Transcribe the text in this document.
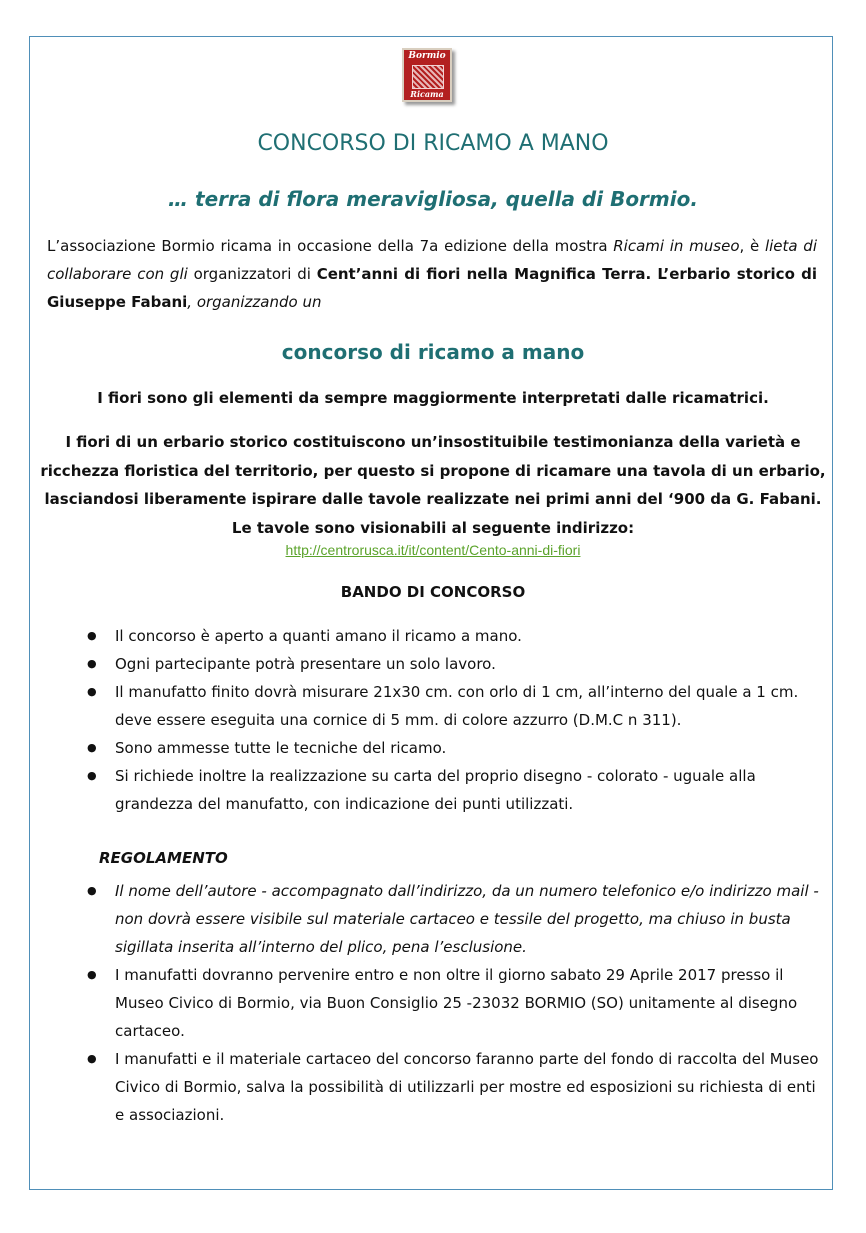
Bormio
Ricama
CONCORSO DI RICAMO A MANO
… terra di flora meravigliosa, quella di Bormio.
L’associazione Bormio ricama in occasione della 7a edizione della mostra Ricami in museo, è lieta di collaborare con gli organizzatori di Cent’anni di fiori nella Magnifica Terra. L’erbario storico di Giuseppe Fabani, organizzando un
concorso di ricamo a mano
I fiori sono gli elementi da sempre maggiormente interpretati dalle ricamatrici.
I fiori di un erbario storico costituiscono un’insostituibile testimonianza della varietà e ricchezza floristica del territorio, per questo si propone di ricamare una tavola di un erbario, lasciandosi liberamente ispirare dalle tavole realizzate nei primi anni del ‘900 da G. Fabani. Le tavole sono visionabili al seguente indirizzo:
http://centrorusca.it/it/content/Cento-anni-di-fiori
BANDO DI CONCORSO
● Il concorso è aperto a quanti amano il ricamo a mano.
● Ogni partecipante potrà presentare un solo lavoro.
● Il manufatto finito dovrà misurare 21x30 cm. con orlo di 1 cm, all’interno del quale a 1 cm. deve essere eseguita una cornice di 5 mm. di colore azzurro (D.M.C n 311).
● Sono ammesse tutte le tecniche del ricamo.
● Si richiede inoltre la realizzazione su carta del proprio disegno - colorato - uguale alla grandezza del manufatto, con indicazione dei punti utilizzati.
REGOLAMENTO
● Il nome dell’autore - accompagnato dall’indirizzo, da un numero telefonico e/o indirizzo mail - non dovrà essere visibile sul materiale cartaceo e tessile del progetto, ma chiuso in busta sigillata inserita all’interno del plico, pena l’esclusione.
● I manufatti dovranno pervenire entro e non oltre il giorno sabato 29 Aprile 2017 presso il Museo Civico di Bormio, via Buon Consiglio 25 -23032 BORMIO (SO) unitamente al disegno cartaceo.
● I manufatti e il materiale cartaceo del concorso faranno parte del fondo di raccolta del Museo Civico di Bormio, salva la possibilità di utilizzarli per mostre ed esposizioni su richiesta di enti e associazioni.
